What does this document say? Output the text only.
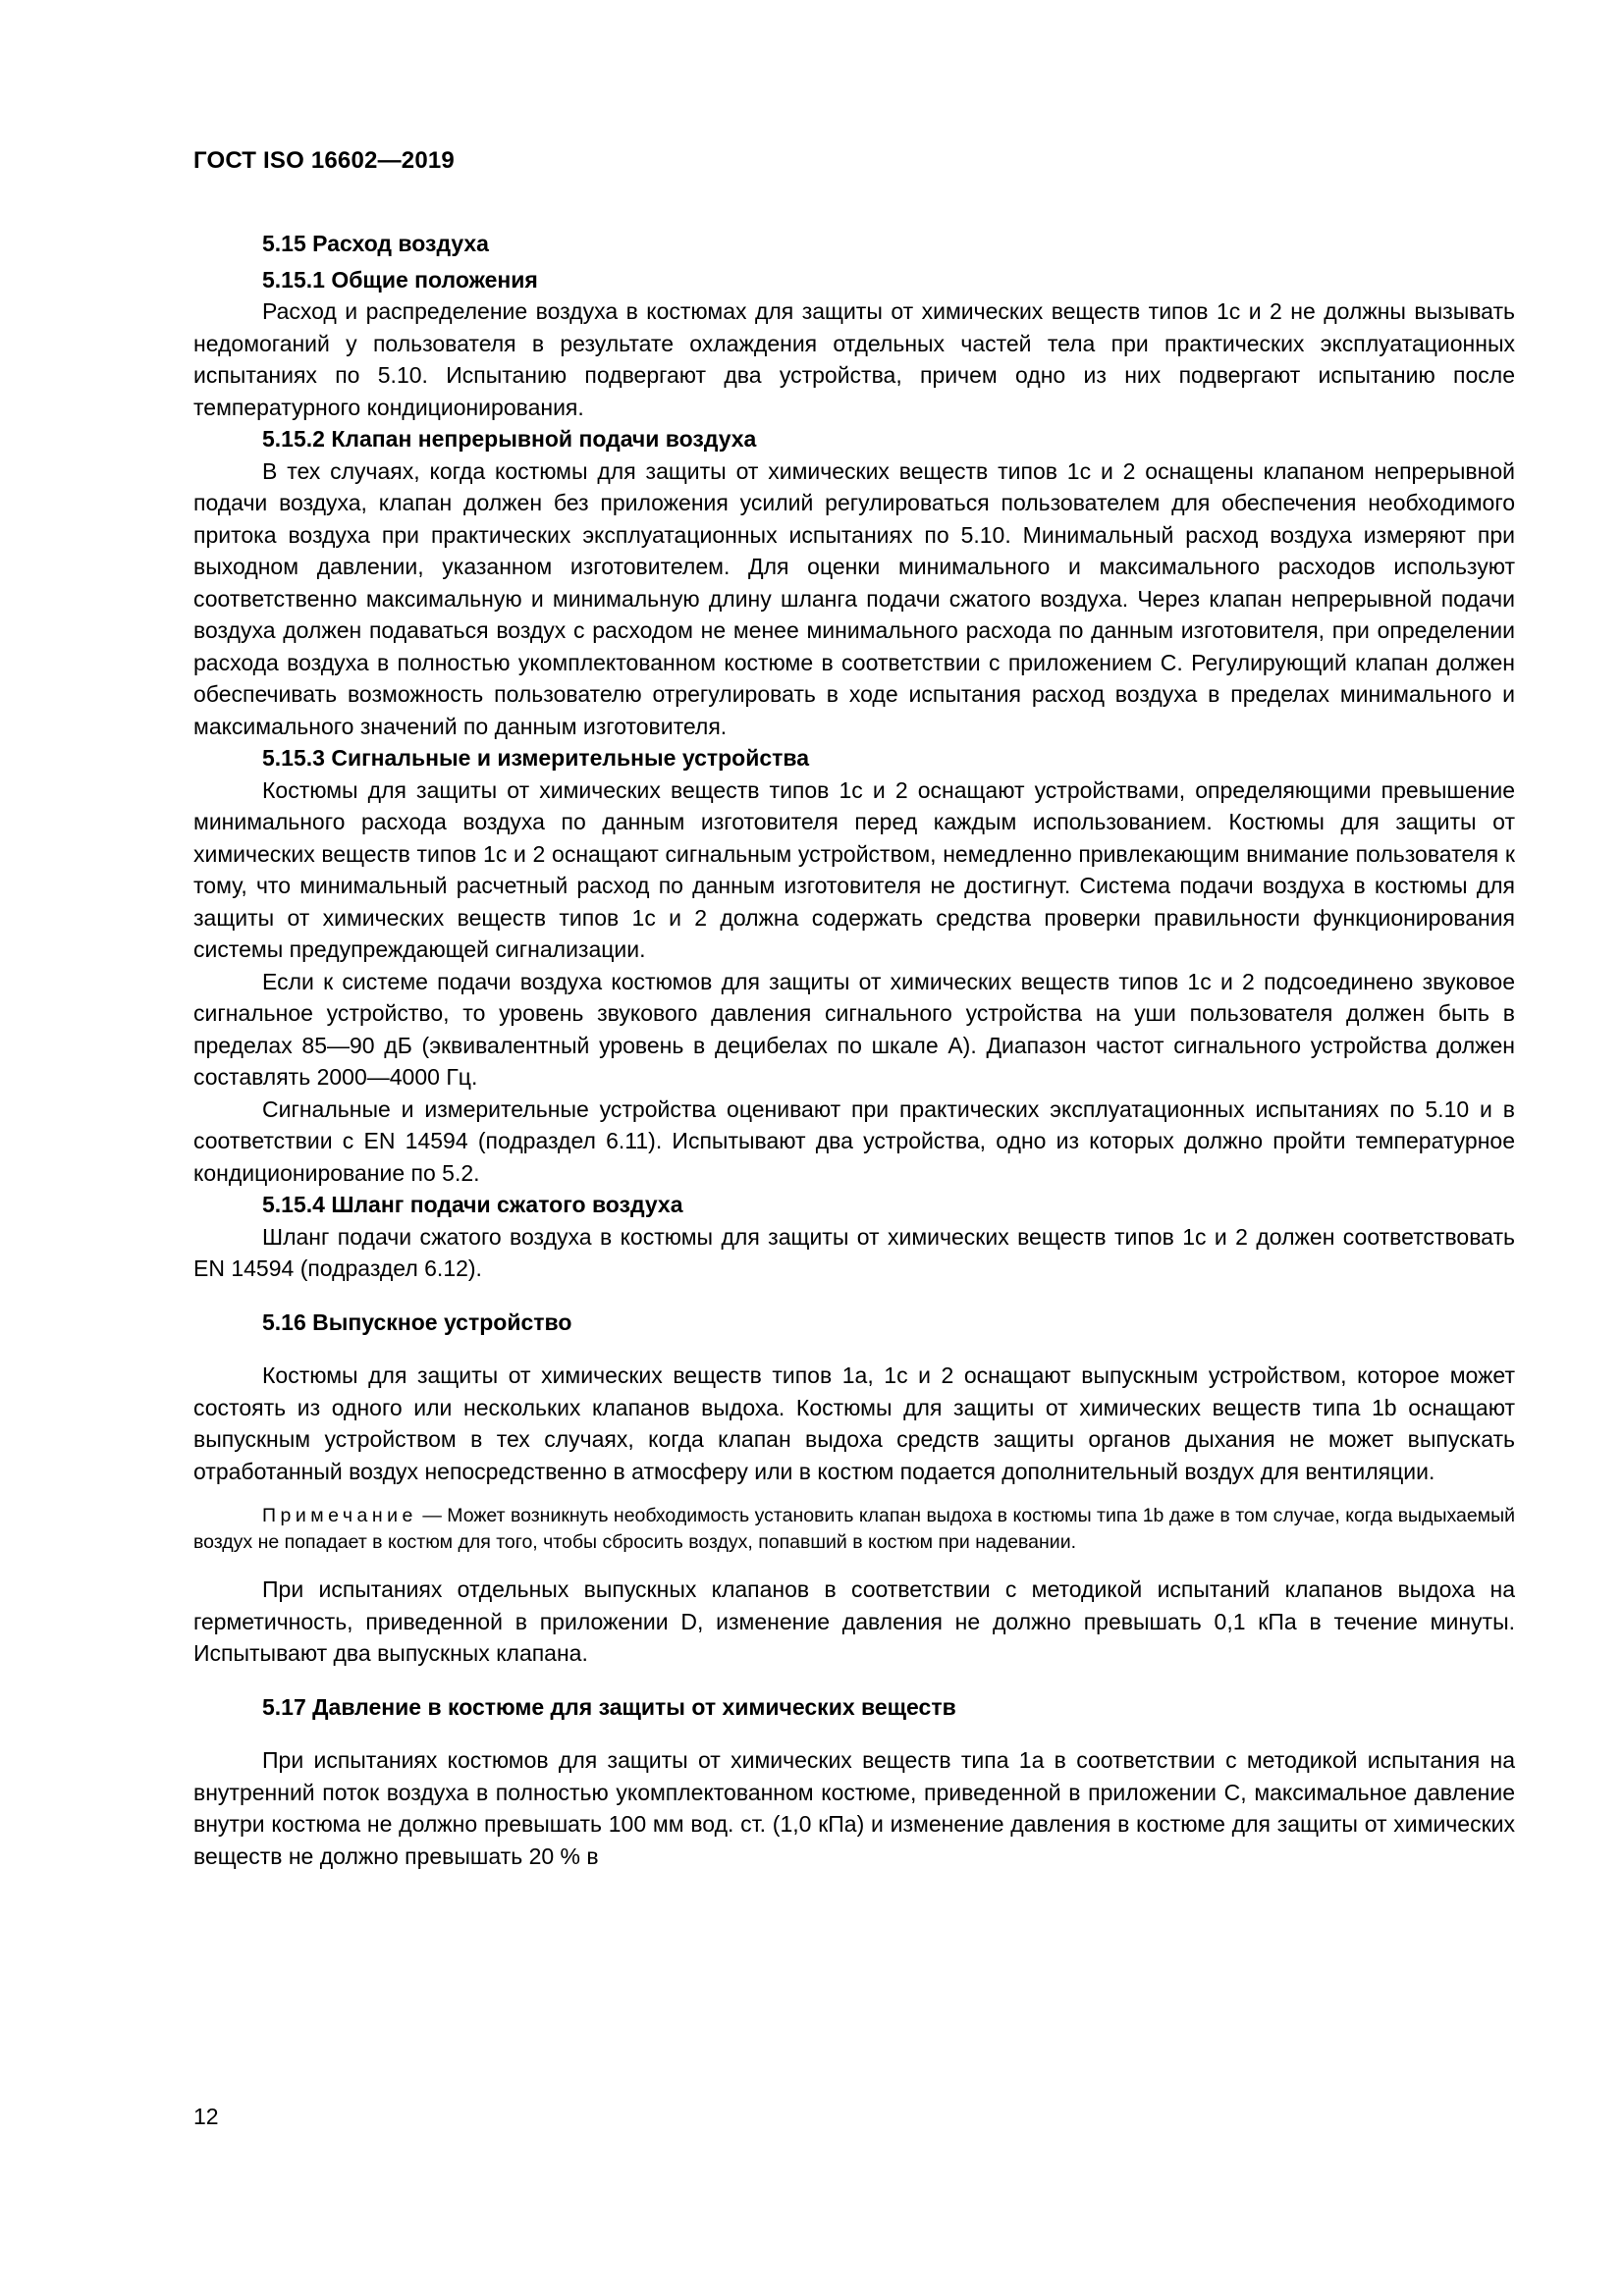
ГОСТ ISO 16602—2019
5.15 Расход воздуха
5.15.1 Общие положения

Расход и распределение воздуха в костюмах для защиты от химических веществ типов 1с и 2 не должны вызывать недомоганий у пользователя в результате охлаждения отдельных частей тела при практических эксплуатационных испытаниях по 5.10. Испытанию подвергают два устройства, причем одно из них подвергают испытанию после температурного кондиционирования.

5.15.2 Клапан непрерывной подачи воздуха

В тех случаях, когда костюмы для защиты от химических веществ типов 1с и 2 оснащены клапаном непрерывной подачи воздуха, клапан должен без приложения усилий регулироваться пользователем для обеспечения необходимого притока воздуха при практических эксплуатационных испытаниях по 5.10. Минимальный расход воздуха измеряют при выходном давлении, указанном изготовителем. Для оценки минимального и максимального расходов используют соответственно максимальную и минимальную длину шланга подачи сжатого воздуха. Через клапан непрерывной подачи воздуха должен подаваться воздух с расходом не менее минимального расхода по данным изготовителя, при определении расхода воздуха в полностью укомплектованном костюме в соответствии с приложением С. Регулирующий клапан должен обеспечивать возможность пользователю отрегулировать в ходе испытания расход воздуха в пределах минимального и максимального значений по данным изготовителя.

5.15.3 Сигнальные и измерительные устройства

Костюмы для защиты от химических веществ типов 1с и 2 оснащают устройствами, определяющими превышение минимального расхода воздуха по данным изготовителя перед каждым использованием. Костюмы для защиты от химических веществ типов 1с и 2 оснащают сигнальным устройством, немедленно привлекающим внимание пользователя к тому, что минимальный расчетный расход по данным изготовителя не достигнут. Система подачи воздуха в костюмы для защиты от химических веществ типов 1с и 2 должна содержать средства проверки правильности функционирования системы предупреждающей сигнализации.

Если к системе подачи воздуха костюмов для защиты от химических веществ типов 1с и 2 подсоединено звуковое сигнальное устройство, то уровень звукового давления сигнального устройства на уши пользователя должен быть в пределах 85—90 дБ (эквивалентный уровень в децибелах по шкале А). Диапазон частот сигнального устройства должен составлять 2000—4000 Гц.

Сигнальные и измерительные устройства оценивают при практических эксплуатационных испытаниях по 5.10 и в соответствии с EN 14594 (подраздел 6.11). Испытывают два устройства, одно из которых должно пройти температурное кондиционирование по 5.2.

5.15.4 Шланг подачи сжатого воздуха

Шланг подачи сжатого воздуха в костюмы для защиты от химических веществ типов 1с и 2 должен соответствовать EN 14594 (подраздел 6.12).

5.16 Выпускное устройство

Костюмы для защиты от химических веществ типов 1а, 1с и 2 оснащают выпускным устройством, которое может состоять из одного или нескольких клапанов выдоха. Костюмы для защиты от химических веществ типа 1b оснащают выпускным устройством в тех случаях, когда клапан выдоха средств защиты органов дыхания не может выпускать отработанный воздух непосредственно в атмосферу или в костюм подается дополнительный воздух для вентиляции.

Примечание — Может возникнуть необходимость установить клапан выдоха в костюмы типа 1b даже в том случае, когда выдыхаемый воздух не попадает в костюм для того, чтобы сбросить воздух, попавший в костюм при надевании.

При испытаниях отдельных выпускных клапанов в соответствии с методикой испытаний клапанов выдоха на герметичность, приведенной в приложении D, изменение давления не должно превышать 0,1 кПа в течение минуты. Испытывают два выпускных клапана.

5.17 Давление в костюме для защиты от химических веществ

При испытаниях костюмов для защиты от химических веществ типа 1а в соответствии с методикой испытания на внутренний поток воздуха в полностью укомплектованном костюме, приведенной в приложении С, максимальное давление внутри костюма не должно превышать 100 мм вод. ст. (1,0 кПа) и изменение давления в костюме для защиты от химических веществ не должно превышать 20 % в

12
